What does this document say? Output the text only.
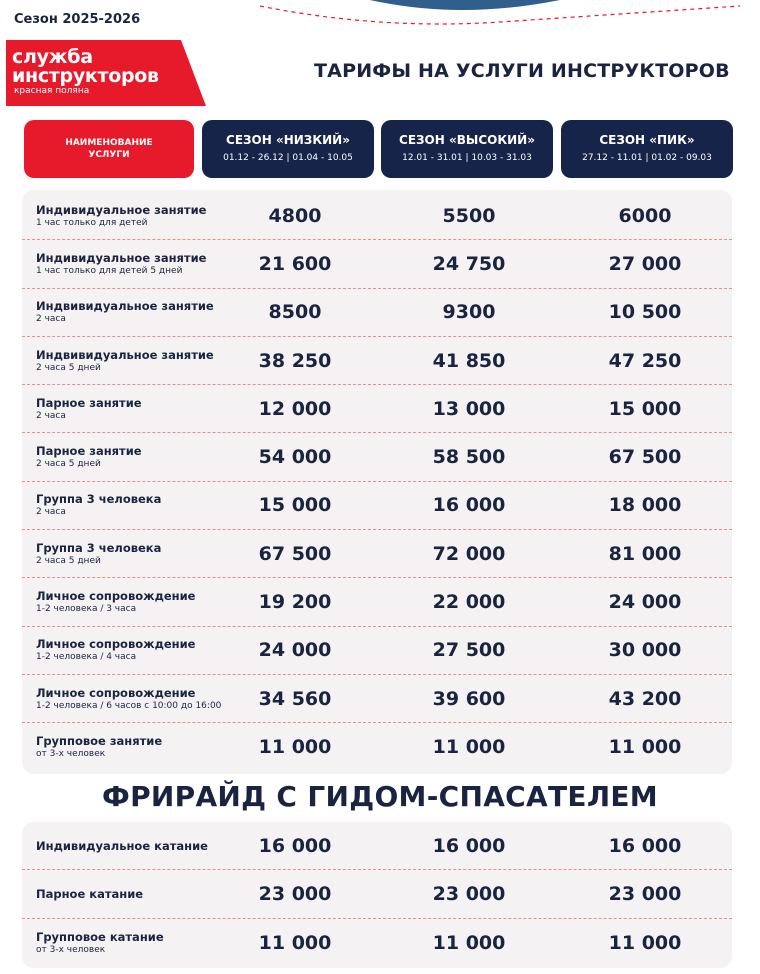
Сезон 2025-2026
служба
инструкторов
красная поляна
ТАРИФЫ НА УСЛУГИ ИНСТРУКТОРОВ
НАИМЕНОВАНИЕ УСЛУГИ
СЕЗОН «НИЗКИЙ»
01.12 - 26.12 | 01.04 - 10.05
СЕЗОН «ВЫСОКИЙ»
12.01 - 31.01 | 10.03 - 31.03
СЕЗОН «ПИК»
27.12 - 11.01 | 01.02 - 09.03
Индивидуальное занятие
1 час только для детей	4800	5500	6000
Индивидуальное занятие
1 час только для детей 5 дней	21 600	24 750	27 000
Индвивидуальное занятие
2 часа	8500	9300	10 500
Индвивидуальное занятие
2 часа 5 дней	38 250	41 850	47 250
Парное занятие
2 часа	12 000	13 000	15 000
Парное занятие
2 часа 5 дней	54 000	58 500	67 500
Группа 3 человека
2 часа	15 000	16 000	18 000
Группа 3 человека
2 часа 5 дней	67 500	72 000	81 000
Личное сопровождение
1-2 человека / 3 часа	19 200	22 000	24 000
Личное сопровождение
1-2 человека / 4 часа	24 000	27 500	30 000
Личное сопровождение
1-2 человека / 6 часов с 10:00 до 16:00	34 560	39 600	43 200
Групповое занятие
от 3-х человек	11 000	11 000	11 000
ФРИРАЙД С ГИДОМ-СПАСАТЕЛЕМ
Индивидуальное катание	16 000	16 000	16 000
Парное катание	23 000	23 000	23 000
Групповое катание
от 3-х человек	11 000	11 000	11 000
